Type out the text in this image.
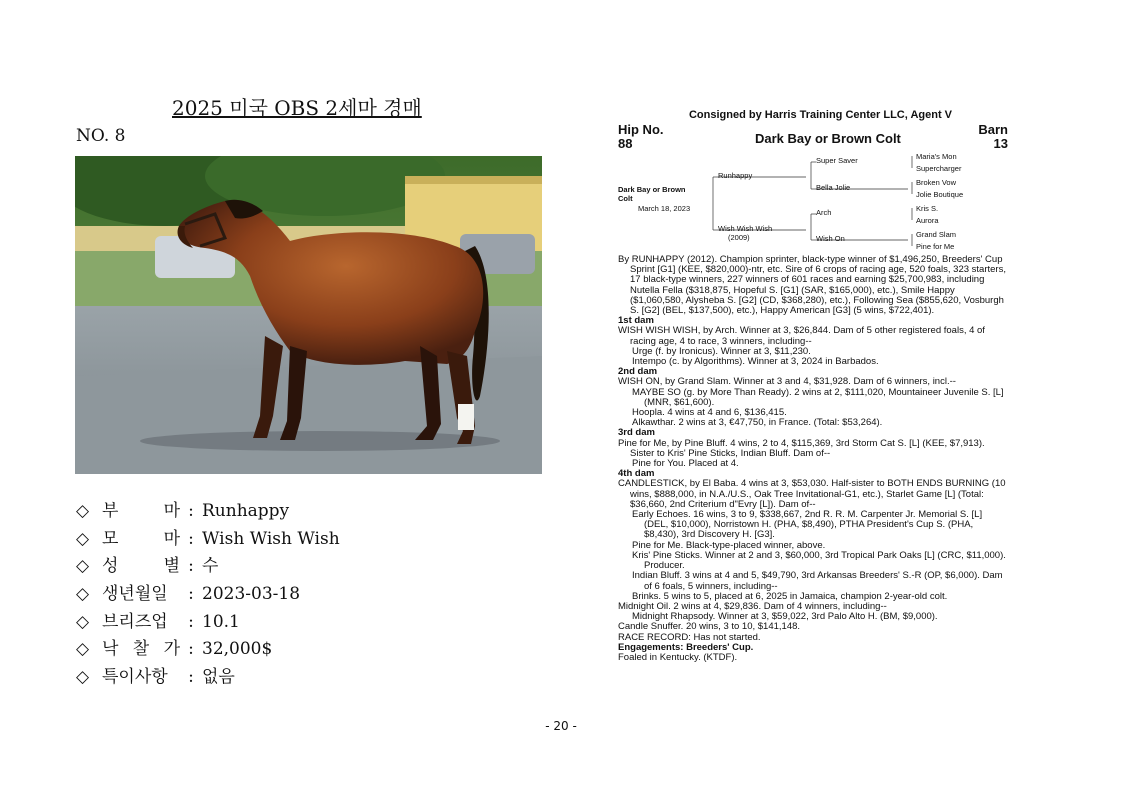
2025 미국 OBS 2세마 경매
NO. 8
◇ 부 마 : Runhappy
◇ 모 마 : Wish Wish Wish
◇ 성 별 : 수
◇ 생년월일 : 2023-03-18
◇ 브리즈업 : 10.1
◇ 낙 찰 가 : 32,000$
◇ 특이사항 : 없음
Consigned by Harris Training Center LLC, Agent V
Hip No.
88	Dark Bay or Brown Colt
Barn
13
Dark Bay or Brown Colt
March 18, 2023
Runhappy
Wish Wish Wish
(2009)
Super Saver
Bella Jolie
Arch
Wish On
Maria's Mon
Supercharger
Broken Vow
Jolie Boutique
Kris S.
Aurora
Grand Slam
Pine for Me

By RUNHAPPY (2012). Champion sprinter, black-type winner of $1,496,250, Breeders' Cup Sprint [G1] (KEE, $820,000)-ntr, etc. Sire of 6 crops of racing age, 520 foals, 323 starters, 17 black-type winners, 227 winners of 601 races and earning $25,700,983, including Nutella Fella ($318,875, Hopeful S. [G1] (SAR, $165,000), etc.), Smile Happy ($1,060,580, Alysheba S. [G2] (CD, $368,280), etc.), Following Sea ($855,620, Vosburgh S. [G2] (BEL, $137,500), etc.), Happy American [G3] (5 wins, $722,401).

1st dam

WISH WISH WISH, by Arch. Winner at 3, $26,844. Dam of 5 other registered foals, 4 of racing age, 4 to race, 3 winners, including--

Urge (f. by Ironicus). Winner at 3, $11,230.

Intempo (c. by Algorithms). Winner at 3, 2024 in Barbados.

2nd dam

WISH ON, by Grand Slam. Winner at 3 and 4, $31,928. Dam of 6 winners, incl.--

MAYBE SO (g. by More Than Ready). 2 wins at 2, $111,020, Mountaineer Juvenile S. [L] (MNR, $61,600).

Hoopla. 4 wins at 4 and 6, $136,415.

Alkawthar. 2 wins at 3, €47,750, in France. (Total: $53,264).

3rd dam

Pine for Me, by Pine Bluff. 4 wins, 2 to 4, $115,369, 3rd Storm Cat S. [L] (KEE, $7,913). Sister to Kris' Pine Sticks, Indian Bluff. Dam of--

Pine for You. Placed at 4.

4th dam

CANDLESTICK, by El Baba. 4 wins at 3, $53,030. Half-sister to BOTH ENDS BURNING (10 wins, $888,000, in N.A./U.S., Oak Tree Invitational-G1, etc.), Starlet Game [L] (Total: $36,660, 2nd Criterium d"Evry [L]). Dam of--

Early Echoes. 16 wins, 3 to 9, $338,667, 2nd R. R. M. Carpenter Jr. Memorial S. [L] (DEL, $10,000), Norristown H. (PHA, $8,490), PTHA President's Cup S. (PHA, $8,430), 3rd Discovery H. [G3].

Pine for Me. Black-type-placed winner, above.

Kris' Pine Sticks. Winner at 2 and 3, $60,000, 3rd Tropical Park Oaks [L] (CRC, $11,000). Producer.

Indian Bluff. 3 wins at 4 and 5, $49,790, 3rd Arkansas Breeders' S.-R (OP, $6,000). Dam of 6 foals, 5 winners, including--

Brinks. 5 wins to 5, placed at 6, 2025 in Jamaica, champion 2-year-old colt.

Midnight Oil. 2 wins at 4, $29,836. Dam of 4 winners, including--

Midnight Rhapsody. Winner at 3, $59,022, 3rd Palo Alto H. (BM, $9,000).

Candle Snuffer. 20 wins, 3 to 10, $141,148.

RACE RECORD: Has not started.

Engagements: Breeders' Cup.

Foaled in Kentucky. (KTDF).

- 20 -
